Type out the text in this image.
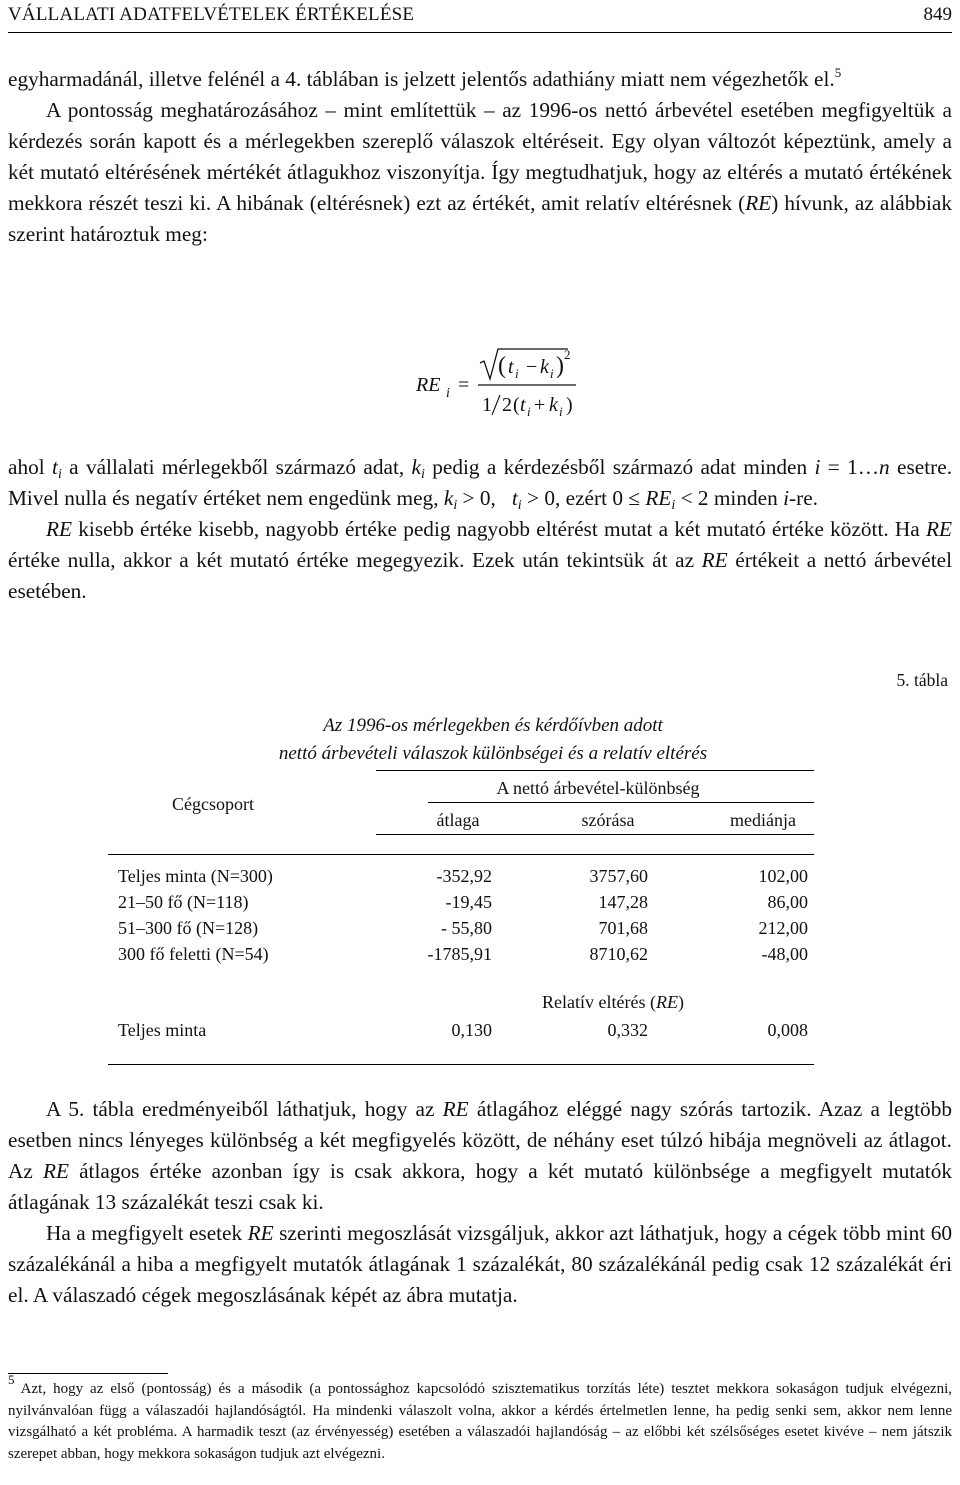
VÁLLALATI ADATFELVÉTELEK ÉRTÉKELÉSE	849

egyharmadánál, illetve felénél a 4. táblában is jelzett jelentős adathiány miatt nem végezhetők el.$^5$

A pontosság meghatározásához – mint említettük – az 1996-os nettó árbevétel esetében megfigyeltük a kérdezés során kapott és a mérlegekben szereplő válaszok eltéréseit. Egy olyan változót képeztünk, amely a két mutató eltérésének mértékét átlagukhoz viszonyítja. Így megtudhatjuk, hogy az eltérés a mutató értékének mekkora részét teszi ki. A hibának (eltérésnek) ezt az értékét, amit relatív eltérésnek (RE) hívunk, az alábbiak szerint határoztuk meg:

RE i =
( t i − k i ) 2
1 2 ( t i + k i )

ahol $t_i$ a vállalati mérlegekből származó adat, $k_i$ pedig a kérdezésből származó adat minden i = 1…n esetre. Mivel nulla és negatív értéket nem engedünk meg, $k_i > 0$, $t_i > 0$, ezért $0 \le RE_i < 2$ minden i-re.

RE kisebb értéke kisebb, nagyobb értéke pedig nagyobb eltérést mutat a két mutató értéke között. Ha RE értéke nulla, akkor a két mutató értéke megegyezik. Ezek után tekintsük át az RE értékeit a nettó árbevétel esetében.

5. tábla
Az 1996-os mérlegekben és kérdőívben adott
nettó árbevételi válaszok különbségei és a relatív eltérés
Cégcsoport
A nettó árbevétel-különbség
átlaga	szórása	mediánja
Teljes minta (N=300)	-352,92	3757,60	102,00
21–50 fő (N=118)	-19,45	147,28	86,00
51–300 fő (N=128)	- 55,80	701,68	212,00
300 fő feletti (N=54)	-1785,91	8710,62	-48,00
Relatív eltérés (RE)
Teljes minta	0,130	0,332	0,008

A 5. tábla eredményeiből láthatjuk, hogy az RE átlagához eléggé nagy szórás tartozik. Azaz a legtöbb esetben nincs lényeges különbség a két megfigyelés között, de néhány eset túlzó hibája megnöveli az átlagot. Az RE átlagos értéke azonban így is csak akkora, hogy a két mutató különbsége a megfigyelt mutatók átlagának 13 százalékát teszi csak ki.

Ha a megfigyelt esetek RE szerinti megoszlását vizsgáljuk, akkor azt láthatjuk, hogy a cégek több mint 60 százalékánál a hiba a megfigyelt mutatók átlagának 1 százalékát, 80 százalékánál pedig csak 12 százalékát éri el. A válaszadó cégek megoszlásának képét az ábra mutatja.

$^5$ Azt, hogy az első (pontosság) és a második (a pontossághoz kapcsolódó szisztematikus torzítás léte) tesztet mekkora sokaságon tudjuk elvégezni, nyilvánvalóan függ a válaszadói hajlandóságtól. Ha mindenki válaszolt volna, akkor a kérdés értelmetlen lenne, ha pedig senki sem, akkor nem lenne vizsgálható a két probléma. A harmadik teszt (az érvényesség) esetében a válaszadói hajlandóság – az előbbi két szélsőséges esetet kivéve – nem játszik szerepet abban, hogy mekkora sokaságon tudjuk azt elvégezni.
